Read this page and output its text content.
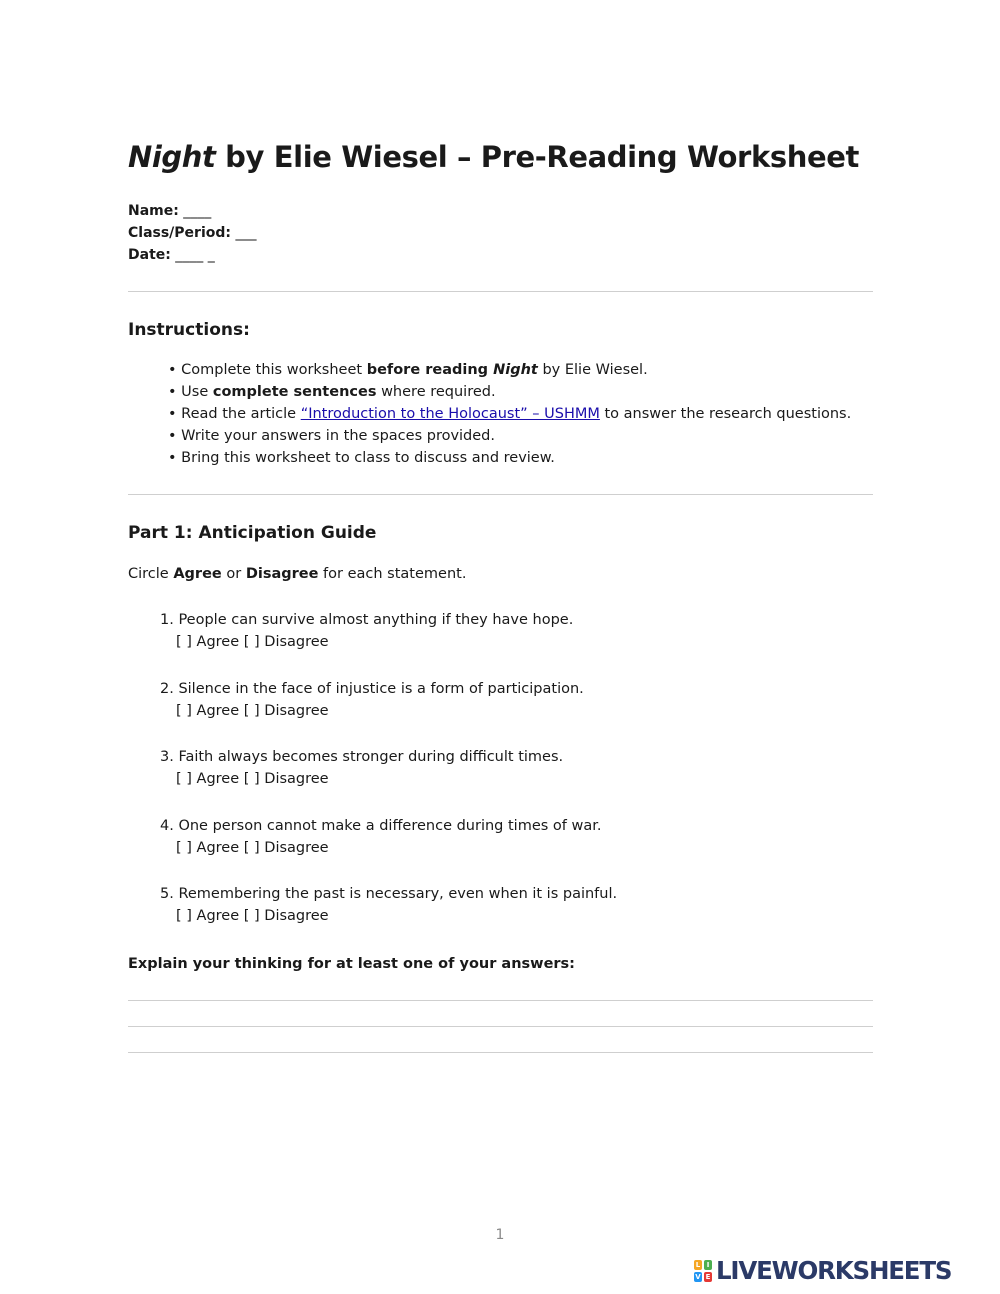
Night by Elie Wiesel – Pre-Reading Worksheet
Name: ____
Class/Period: ___
Date: ____ _
Instructions:
• Complete this worksheet before reading Night by Elie Wiesel.
• Use complete sentences where required.
• Read the article “Introduction to the Holocaust” – USHMM to answer the research questions.
• Write your answers in the spaces provided.
• Bring this worksheet to class to discuss and review.
Part 1: Anticipation Guide
Circle Agree or Disagree for each statement.
1. People can survive almost anything if they have hope.
[ ] Agree [ ] Disagree
2. Silence in the face of injustice is a form of participation.
[ ] Agree [ ] Disagree
3. Faith always becomes stronger during difficult times.
[ ] Agree [ ] Disagree
4. One person cannot make a difference during times of war.
[ ] Agree [ ] Disagree
5. Remembering the past is necessary, even when it is painful.
[ ] Agree [ ] Disagree
Explain your thinking for at least one of your answers:
1
L I
V E LIVEWORKSHEETS
